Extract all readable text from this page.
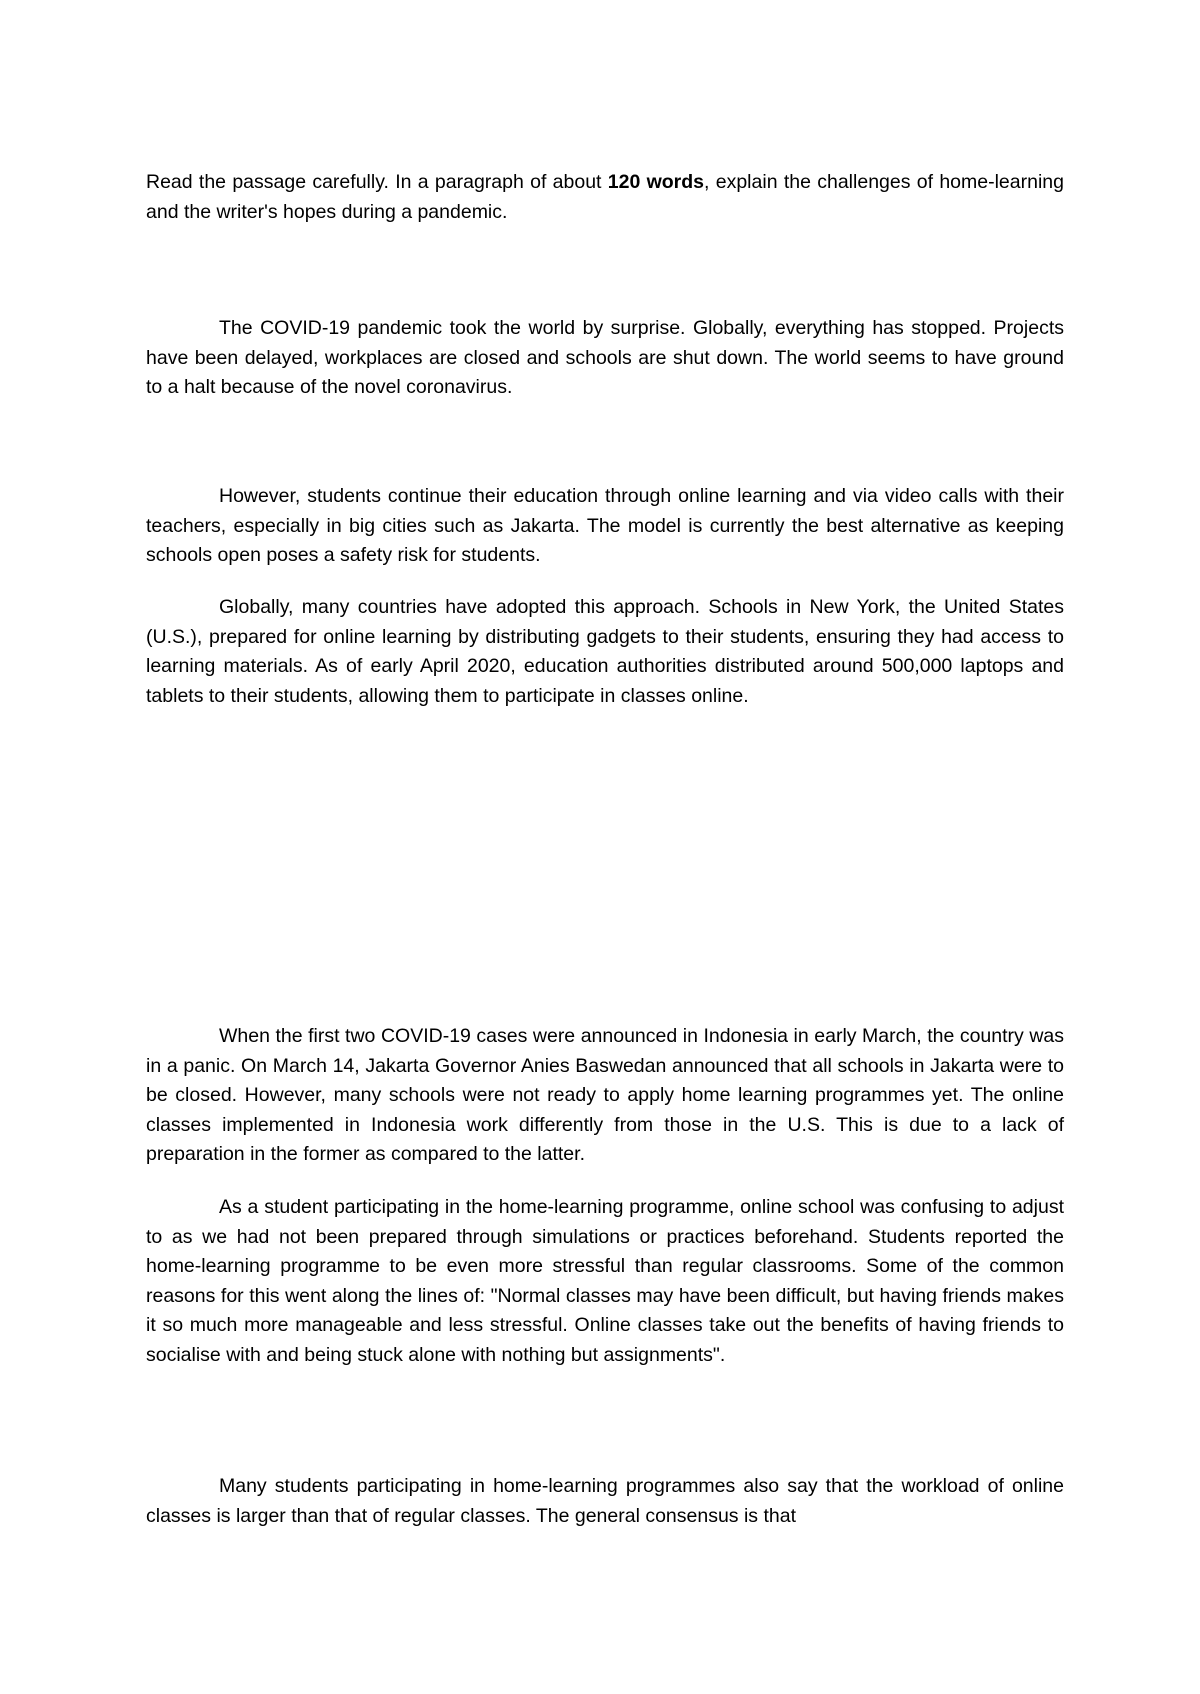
Read the passage carefully. In a paragraph of about 120 words, explain the challenges of home-learning and the writer's hopes during a pandemic.

The COVID-19 pandemic took the world by surprise. Globally, everything has stopped. Projects have been delayed, workplaces are closed and schools are shut down. The world seems to have ground to a halt because of the novel coronavirus.

However, students continue their education through online learning and via video calls with their teachers, especially in big cities such as Jakarta. The model is currently the best alternative as keeping schools open poses a safety risk for students.

Globally, many countries have adopted this approach. Schools in New York, the United States (U.S.), prepared for online learning by distributing gadgets to their students, ensuring they had access to learning materials. As of early April 2020, education authorities distributed around 500,000 laptops and tablets to their students, allowing them to participate in classes online.

When the first two COVID-19 cases were announced in Indonesia in early March, the country was in a panic. On March 14, Jakarta Governor Anies Baswedan announced that all schools in Jakarta were to be closed. However, many schools were not ready to apply home learning programmes yet. The online classes implemented in Indonesia work differently from those in the U.S. This is due to a lack of preparation in the former as compared to the latter.

As a student participating in the home-learning programme, online school was confusing to adjust to as we had not been prepared through simulations or practices beforehand. Students reported the home-learning programme to be even more stressful than regular classrooms. Some of the common reasons for this went along the lines of: "Normal classes may have been difficult, but having friends makes it so much more manageable and less stressful. Online classes take out the benefits of having friends to socialise with and being stuck alone with nothing but assignments".

Many students participating in home-learning programmes also say that the workload of online classes is larger than that of regular classes. The general consensus is that
